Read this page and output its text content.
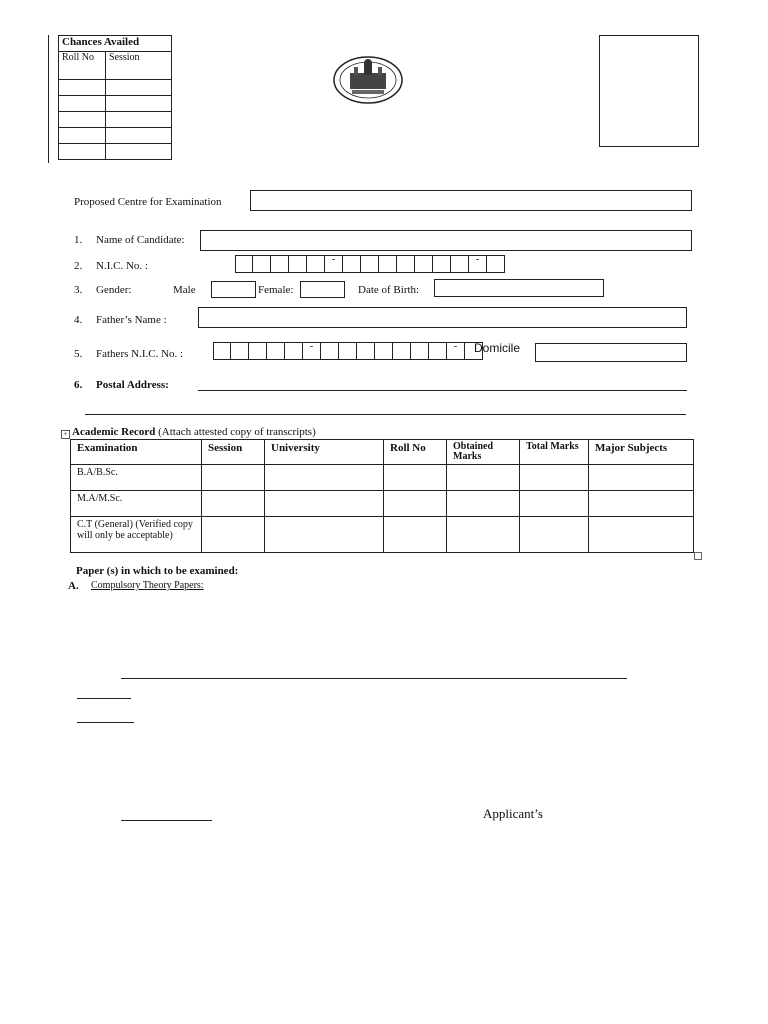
Chances Availed	
Roll No	Session

Proposed Centre for Examination
1. Name of Candidate:
2. N.I.C. No. :
-	-
3. Gender:	Male	Female:	Date of Birth:
4. Father’s Name :
5. Fathers N.I.C. No. :
-	-	Domicile
6. Postal Address:
+ Academic Record (Attach attested copy of transcripts)
Examination	Session	University	Roll No	Obtained Marks	Total Marks	Major Subjects
B.A/B.Sc.						
M.A/M.Sc.						
C.T (General) (Verified copy will only be acceptable)						
Paper (s) in which to be examined:
A. Compulsory Theory Papers:
Applicant’s
